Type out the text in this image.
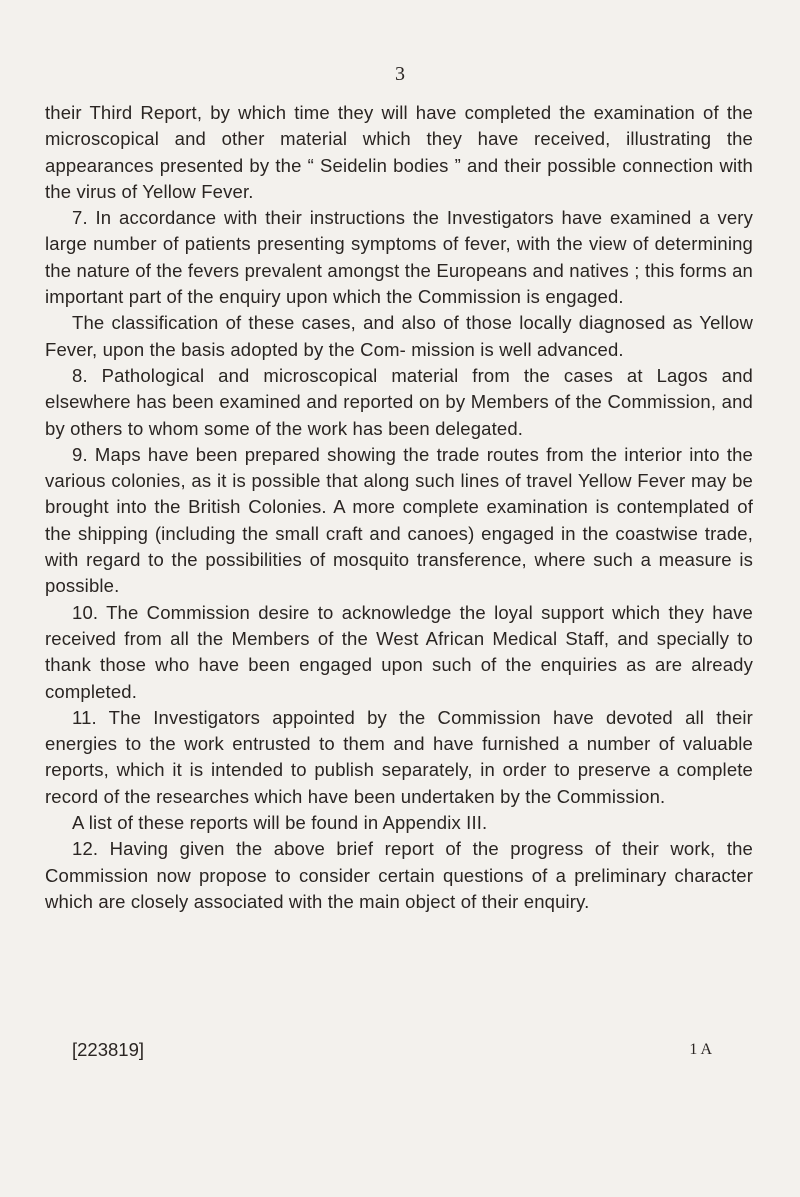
3

their Third Report, by which time they will have completed the examination of the microscopical and other material which they have received, illustrating the appearances presented by the “ Seidelin bodies ” and their possible connection with the virus of Yellow Fever.

7. In accordance with their instructions the Investigators have examined a very large number of patients presenting symptoms of fever, with the view of determining the nature of the fevers prevalent amongst the Europeans and natives ; this forms an important part of the enquiry upon which the Commission is engaged.

The classification of these cases, and also of those locally diagnosed as Yellow Fever, upon the basis adopted by the Com- mission is well advanced.

8. Pathological and microscopical material from the cases at Lagos and elsewhere has been examined and reported on by Members of the Commission, and by others to whom some of the work has been delegated.

9. Maps have been prepared showing the trade routes from the interior into the various colonies, as it is possible that along such lines of travel Yellow Fever may be brought into the British Colonies. A more complete examination is contemplated of the shipping (including the small craft and canoes) engaged in the coastwise trade, with regard to the possibilities of mosquito transference, where such a measure is possible.

10. The Commission desire to acknowledge the loyal support which they have received from all the Members of the West African Medical Staff, and specially to thank those who have been engaged upon such of the enquiries as are already completed.

11. The Investigators appointed by the Commission have devoted all their energies to the work entrusted to them and have furnished a number of valuable reports, which it is intended to publish separately, in order to preserve a complete record of the researches which have been undertaken by the Commission.

A list of these reports will be found in Appendix III.

12. Having given the above brief report of the progress of their work, the Commission now propose to consider certain questions of a preliminary character which are closely associated with the main object of their enquiry.

[223819]	1 A
